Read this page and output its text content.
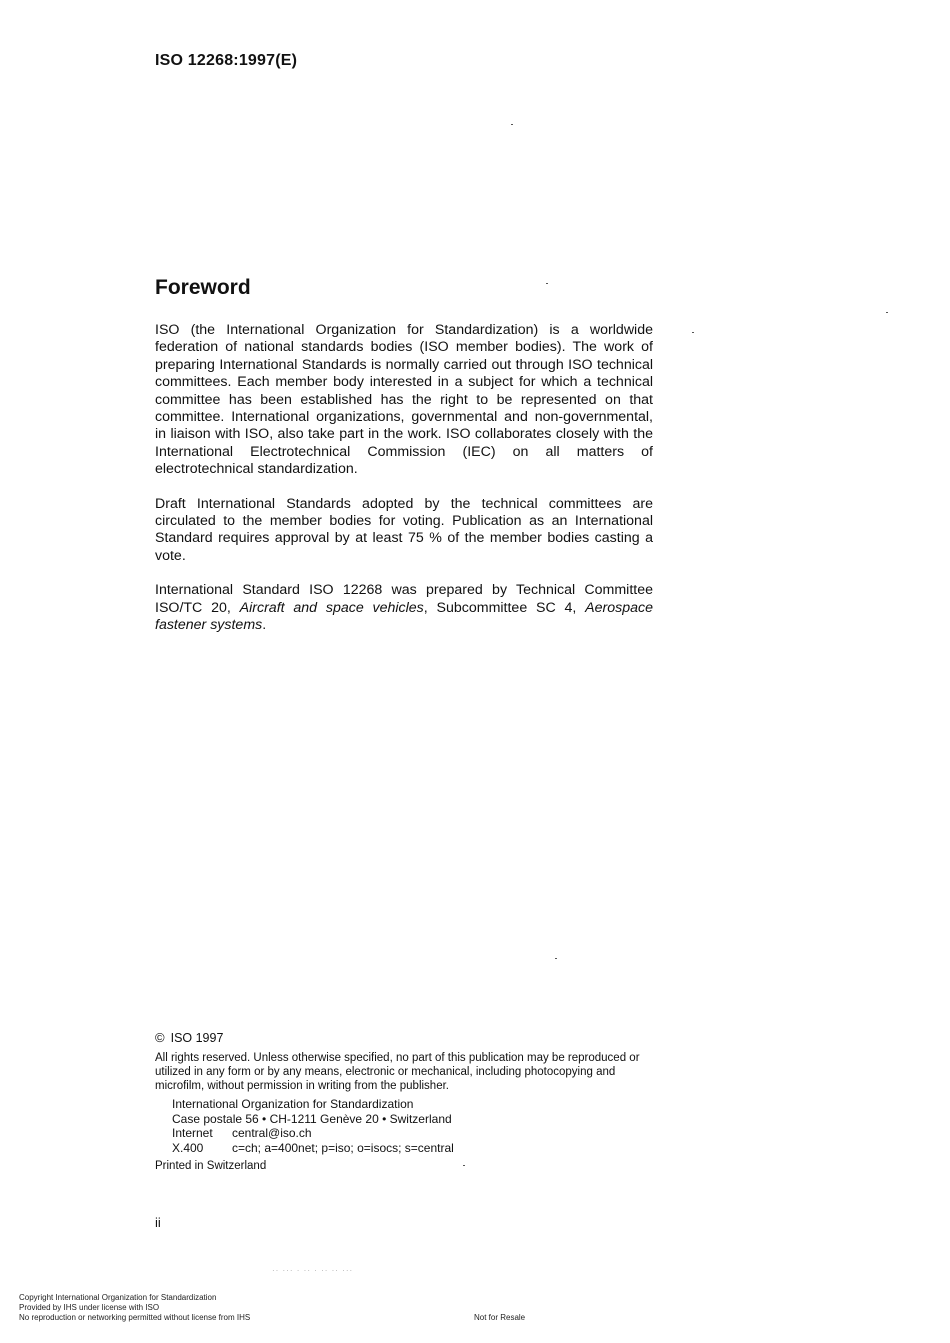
ISO 12268:1997(E)
Foreword

ISO (the International Organization for Standardization) is a worldwide federation of national standards bodies (ISO member bodies). The work of preparing International Standards is normally carried out through ISO technical committees. Each member body interested in a subject for which a technical committee has been established has the right to be represented on that committee. International organizations, governmental and non-governmental, in liaison with ISO, also take part in the work. ISO collaborates closely with the International Electrotechnical Commission (IEC) on all matters of electrotechnical standardization.

Draft International Standards adopted by the technical committees are circulated to the member bodies for voting. Publication as an International Standard requires approval by at least 75 % of the member bodies casting a vote.

International Standard ISO 12268 was prepared by Technical Committee ISO/TC 20, Aircraft and space vehicles, Subcommittee SC 4, Aerospace fastener systems.

© ISO 1997

All rights reserved. Unless otherwise specified, no part of this publication may be reproduced or utilized in any form or by any means, electronic or mechanical, including photocopying and microfilm, without permission in writing from the publisher.

International Organization for Standardization
Case postale 56 • CH-1211 Genève 20 • Switzerland
Internet	central@iso.ch
X.400	c=ch; a=400net; p=iso; o=isocs; s=central
Printed in Switzerland
ii
·· ··· · ·· · ·· ·· ···
Copyright International Organization for Standardization
Provided by IHS under license with ISO
No reproduction or networking permitted without license from IHS	Not for Resale
